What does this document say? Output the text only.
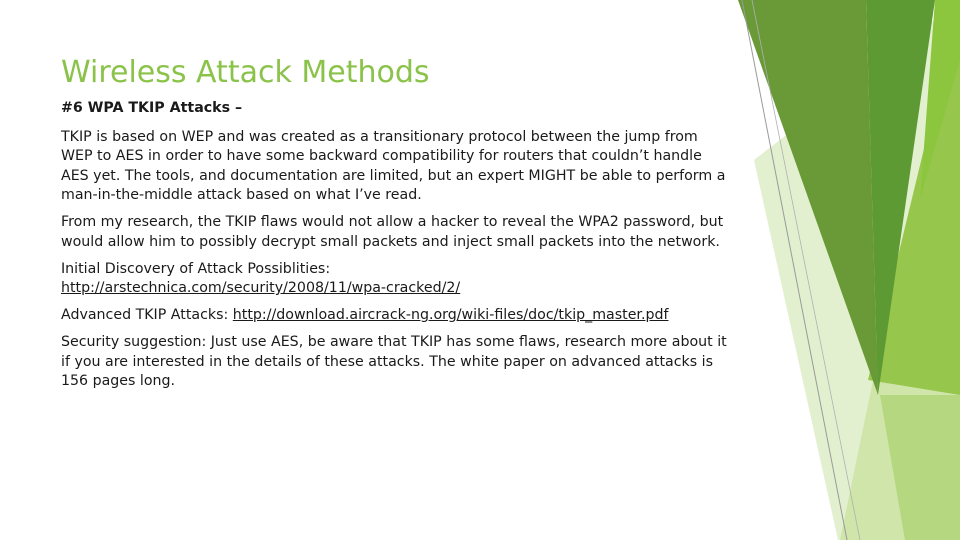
Wireless Attack Methods

#6 WPA TKIP Attacks –

TKIP is based on WEP and was created as a transitionary protocol between the jump from WEP to AES in order to have some backward compatibility for routers that couldn’t handle AES yet. The tools, and documentation are limited, but an expert MIGHT be able to perform a man-in-the-middle attack based on what I’ve read.

From my research, the TKIP flaws would not allow a hacker to reveal the WPA2 password, but would allow him to possibly decrypt small packets and inject small packets into the network.

Initial Discovery of Attack Possiblities:
http://arstechnica.com/security/2008/11/wpa-cracked/2/

Advanced TKIP Attacks: http://download.aircrack-ng.org/wiki-files/doc/tkip_master.pdf

Security suggestion: Just use AES, be aware that TKIP has some flaws, research more about it if you are interested in the details of these attacks. The white paper on advanced attacks is 156 pages long.
